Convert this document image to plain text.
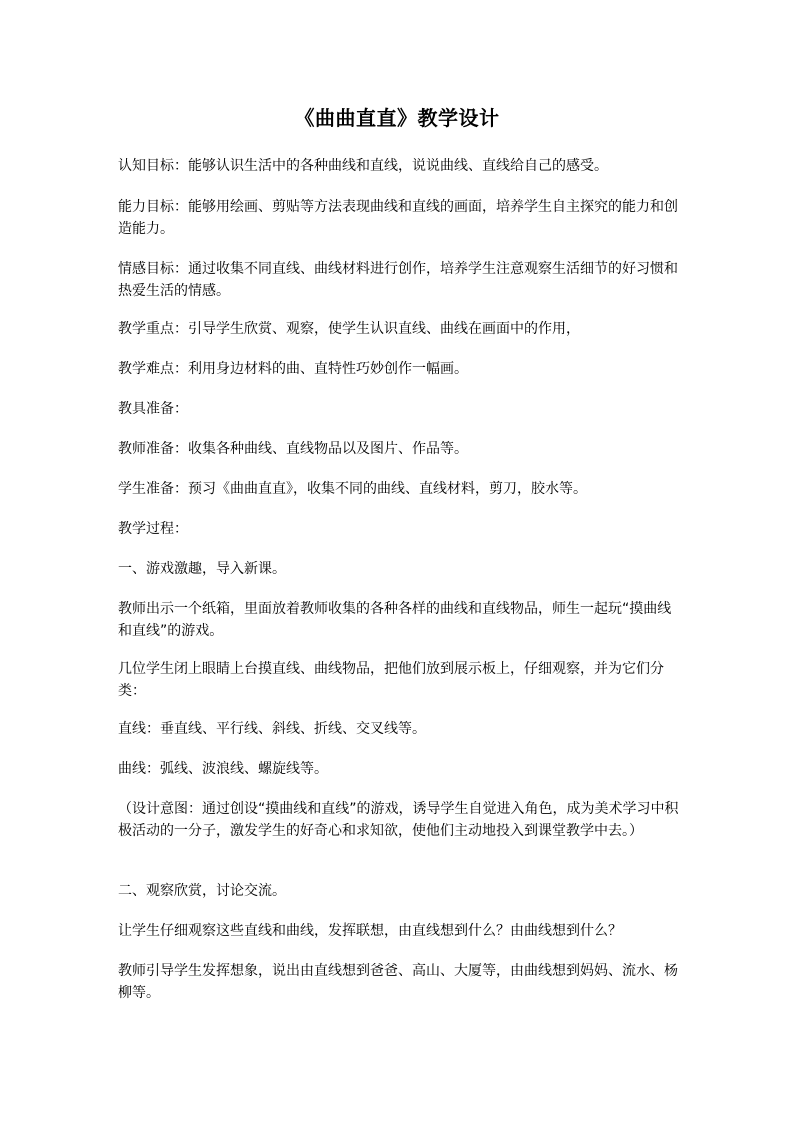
《曲曲直直》教学设计

认知目标：能够认识生活中的各种曲线和直线，说说曲线、直线给自己的感受。

能力目标：能够用绘画、剪贴等方法表现曲线和直线的画面，培养学生自主探究的能力和创造能力。

情感目标：通过收集不同直线、曲线材料进行创作，培养学生注意观察生活细节的好习惯和热爱生活的情感。

教学重点：引导学生欣赏、观察，使学生认识直线、曲线在画面中的作用，

教学难点：利用身边材料的曲、直特性巧妙创作一幅画。

教具准备：

教师准备：收集各种曲线、直线物品以及图片、作品等。

学生准备：预习《曲曲直直》，收集不同的曲线、直线材料，剪刀，胶水等。

教学过程：

一、游戏激趣，导入新课。

教师出示一个纸箱，里面放着教师收集的各种各样的曲线和直线物品，师生一起玩“摸曲线和直线”的游戏。

几位学生闭上眼睛上台摸直线、曲线物品，把他们放到展示板上，仔细观察，并为它们分类：

直线：垂直线、平行线、斜线、折线、交叉线等。

曲线：弧线、波浪线、螺旋线等。

（设计意图：通过创设“摸曲线和直线”的游戏，诱导学生自觉进入角色，成为美术学习中积极活动的一分子，激发学生的好奇心和求知欲，使他们主动地投入到课堂教学中去。）

二、观察欣赏，讨论交流。

让学生仔细观察这些直线和曲线，发挥联想，由直线想到什么？由曲线想到什么？

教师引导学生发挥想象，说出由直线想到爸爸、高山、大厦等，由曲线想到妈妈、流水、杨柳等。
